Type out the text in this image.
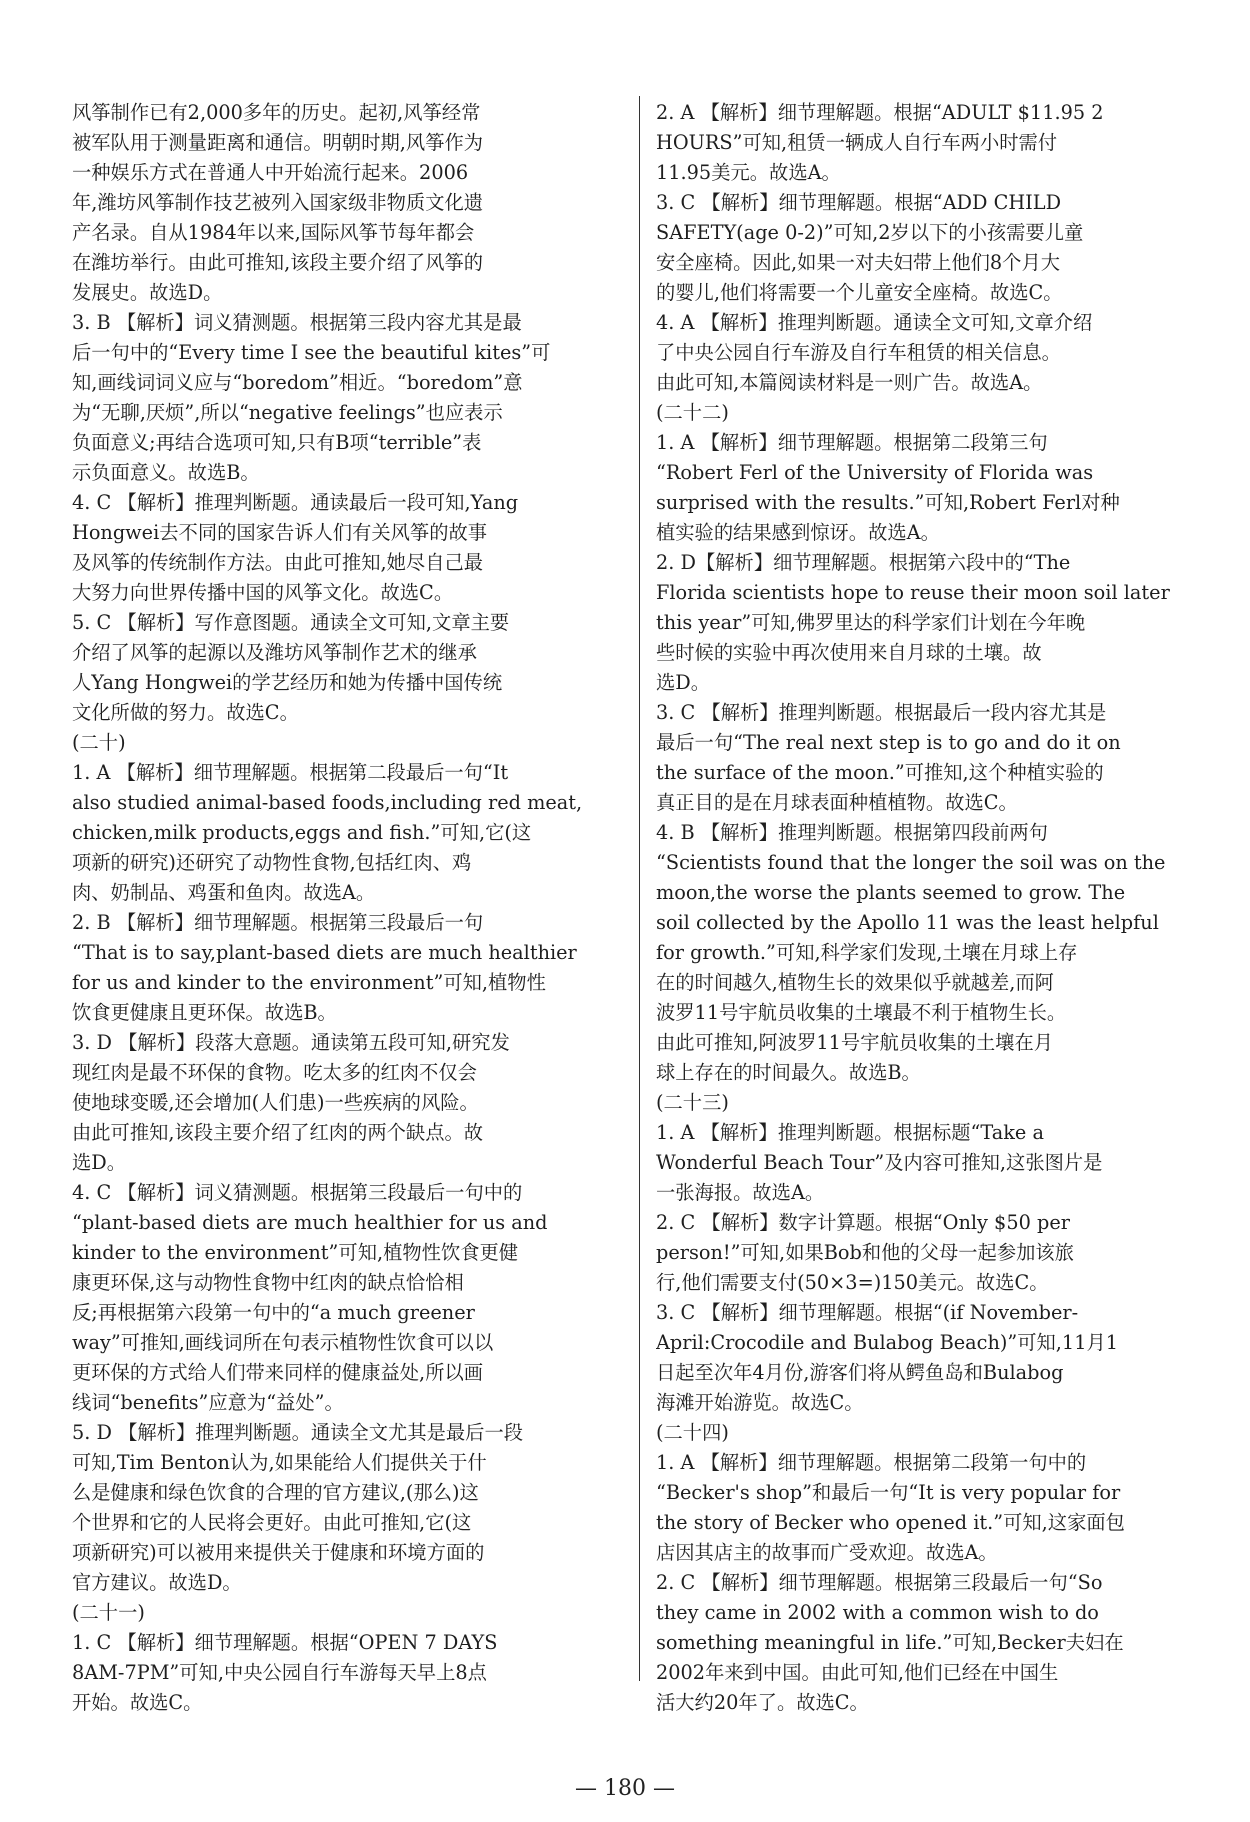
风筝制作已有2,000多年的历史。起初,风筝经常
被军队用于测量距离和通信。明朝时期,风筝作为
一种娱乐方式在普通人中开始流行起来。2006
年,潍坊风筝制作技艺被列入国家级非物质文化遗
产名录。自从1984年以来,国际风筝节每年都会
在潍坊举行。由此可推知,该段主要介绍了风筝的
发展史。故选D。
3. B 【解析】词义猜测题。根据第三段内容尤其是最
后一句中的“Every time I see the beautiful kites”可
知,画线词词义应与“boredom”相近。“boredom”意
为“无聊,厌烦”,所以“negative feelings”也应表示
负面意义;再结合选项可知,只有B项“terrible”表
示负面意义。故选B。
4. C 【解析】推理判断题。通读最后一段可知,Yang
Hongwei去不同的国家告诉人们有关风筝的故事
及风筝的传统制作方法。由此可推知,她尽自己最
大努力向世界传播中国的风筝文化。故选C。
5. C 【解析】写作意图题。通读全文可知,文章主要
介绍了风筝的起源以及潍坊风筝制作艺术的继承
人Yang Hongwei的学艺经历和她为传播中国传统
文化所做的努力。故选C。
(二十)
1. A 【解析】细节理解题。根据第二段最后一句“It
also studied animal-based foods,including red meat,
chicken,milk products,eggs and fish.”可知,它(这
项新的研究)还研究了动物性食物,包括红肉、鸡
肉、奶制品、鸡蛋和鱼肉。故选A。
2. B 【解析】细节理解题。根据第三段最后一句
“That is to say,plant-based diets are much healthier
for us and kinder to the environment”可知,植物性
饮食更健康且更环保。故选B。
3. D 【解析】段落大意题。通读第五段可知,研究发
现红肉是最不环保的食物。吃太多的红肉不仅会
使地球变暖,还会增加(人们患)一些疾病的风险。
由此可推知,该段主要介绍了红肉的两个缺点。故
选D。
4. C 【解析】词义猜测题。根据第三段最后一句中的
“plant-based diets are much healthier for us and
kinder to the environment”可知,植物性饮食更健
康更环保,这与动物性食物中红肉的缺点恰恰相
反;再根据第六段第一句中的“a much greener
way”可推知,画线词所在句表示植物性饮食可以以
更环保的方式给人们带来同样的健康益处,所以画
线词“benefits”应意为“益处”。
5. D 【解析】推理判断题。通读全文尤其是最后一段
可知,Tim Benton认为,如果能给人们提供关于什
么是健康和绿色饮食的合理的官方建议,(那么)这
个世界和它的人民将会更好。由此可推知,它(这
项新研究)可以被用来提供关于健康和环境方面的
官方建议。故选D。
(二十一)
1. C 【解析】细节理解题。根据“OPEN 7 DAYS
8AM-7PM”可知,中央公园自行车游每天早上8点
开始。故选C。
2. A 【解析】细节理解题。根据“ADULT $11.95 2
HOURS”可知,租赁一辆成人自行车两小时需付
11.95美元。故选A。
3. C 【解析】细节理解题。根据“ADD CHILD
SAFETY(age 0-2)”可知,2岁以下的小孩需要儿童
安全座椅。因此,如果一对夫妇带上他们8个月大
的婴儿,他们将需要一个儿童安全座椅。故选C。
4. A 【解析】推理判断题。通读全文可知,文章介绍
了中央公园自行车游及自行车租赁的相关信息。
由此可知,本篇阅读材料是一则广告。故选A。
(二十二)
1. A 【解析】细节理解题。根据第二段第三句
“Robert Ferl of the University of Florida was
surprised with the results.”可知,Robert Ferl对种
植实验的结果感到惊讶。故选A。
2. D【解析】细节理解题。根据第六段中的“The
Florida scientists hope to reuse their moon soil later
this year”可知,佛罗里达的科学家们计划在今年晚
些时候的实验中再次使用来自月球的土壤。故
选D。
3. C 【解析】推理判断题。根据最后一段内容尤其是
最后一句“The real next step is to go and do it on
the surface of the moon.”可推知,这个种植实验的
真正目的是在月球表面种植植物。故选C。
4. B 【解析】推理判断题。根据第四段前两句
“Scientists found that the longer the soil was on the
moon,the worse the plants seemed to grow. The
soil collected by the Apollo 11 was the least helpful
for growth.”可知,科学家们发现,土壤在月球上存
在的时间越久,植物生长的效果似乎就越差,而阿
波罗11号宇航员收集的土壤最不利于植物生长。
由此可推知,阿波罗11号宇航员收集的土壤在月
球上存在的时间最久。故选B。
(二十三)
1. A 【解析】推理判断题。根据标题“Take a
Wonderful Beach Tour”及内容可推知,这张图片是
一张海报。故选A。
2. C 【解析】数字计算题。根据“Only $50 per
person!”可知,如果Bob和他的父母一起参加该旅
行,他们需要支付(50×3=)150美元。故选C。
3. C 【解析】细节理解题。根据“(if November-
April:Crocodile and Bulabog Beach)”可知,11月1
日起至次年4月份,游客们将从鳄鱼岛和Bulabog
海滩开始游览。故选C。
(二十四)
1. A 【解析】细节理解题。根据第二段第一句中的
“Becker's shop”和最后一句“It is very popular for
the story of Becker who opened it.”可知,这家面包
店因其店主的故事而广受欢迎。故选A。
2. C 【解析】细节理解题。根据第三段最后一句“So
they came in 2002 with a common wish to do
something meaningful in life.”可知,Becker夫妇在
2002年来到中国。由此可知,他们已经在中国生
活大约20年了。故选C。
— 180 —
